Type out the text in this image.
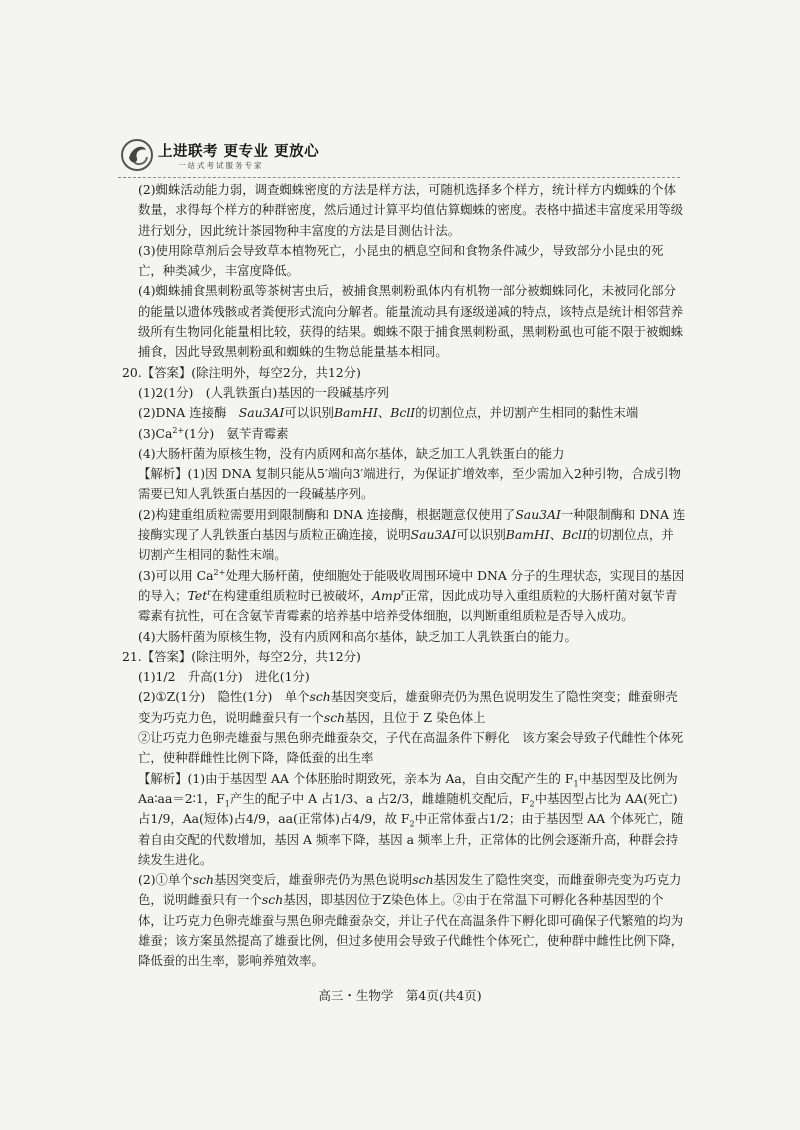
上进联考 更专业 更放心
一站式考试服务专家

(2)蜘蛛活动能力弱，调查蜘蛛密度的方法是样方法，可随机选择多个样方，统计样方内蜘蛛的个体数量，求得每个样方的种群密度，然后通过计算平均值估算蜘蛛的密度。表格中描述丰富度采用等级进行划分，因此统计茶园物种丰富度的方法是目测估计法。

(3)使用除草剂后会导致草本植物死亡，小昆虫的栖息空间和食物条件减少，导致部分小昆虫的死亡，种类减少，丰富度降低。

(4)蜘蛛捕食黑刺粉虱等茶树害虫后，被捕食黑刺粉虱体内有机物一部分被蜘蛛同化，未被同化部分的能量以遗体残骸或者粪便形式流向分解者。能量流动具有逐级递减的特点，该特点是统计相邻营养级所有生物同化能量相比较，获得的结果。蜘蛛不限于捕食黑刺粉虱，黑刺粉虱也可能不限于被蜘蛛捕食，因此导致黑刺粉虱和蜘蛛的生物总能量基本相同。

20.【答案】(除注明外，每空2分，共12分)

(1)2(1分)　(人乳铁蛋白)基因的一段碱基序列

(2)DNA 连接酶　Sau3AⅠ可以识别BamHⅠ、BclⅠ的切割位点，并切割产生相同的黏性末端

$(3)Ca^{2+}(1$分)　氨苄青霉素

(4)大肠杆菌为原核生物，没有内质网和高尔基体，缺乏加工人乳铁蛋白的能力

【解析】(1)因 DNA 复制只能从5′端向3′端进行，为保证扩增效率，至少需加入2种引物，合成引物需要已知人乳铁蛋白基因的一段碱基序列。

(2)构建重组质粒需要用到限制酶和 DNA 连接酶，根据题意仅使用了Sau3AⅠ一种限制酶和 DNA 连接酶实现了人乳铁蛋白基因与质粒正确连接，说明Sau3AⅠ可以识别BamHⅠ、BclⅠ的切割位点，并切割产生相同的黏性末端。

(3)可以用 $Ca^{2+}$处理大肠杆菌，使细胞处于能吸收周围环境中 DNA 分子的生理状态，实现目的基因的导入；Tet$^r$在构建重组质粒时已被破坏，Amp$^r$正常，因此成功导入重组质粒的大肠杆菌对氨苄青霉素有抗性，可在含氨苄青霉素的培养基中培养受体细胞，以判断重组质粒是否导入成功。

(4)大肠杆菌为原核生物，没有内质网和高尔基体，缺乏加工人乳铁蛋白的能力。

21.【答案】(除注明外，每空2分，共12分)

(1)1/2　升高(1分)　进化(1分)

(2)①Z(1分)　隐性(1分)　单个sch基因突变后，雄蚕卵壳仍为黑色说明发生了隐性突变；雌蚕卵壳变为巧克力色，说明雌蚕只有一个sch基因，且位于 Z 染色体上

②让巧克力色卵壳雄蚕与黑色卵壳雌蚕杂交，子代在高温条件下孵化　该方案会导致子代雌性个体死亡，使种群雌性比例下降，降低蚕的出生率

【解析】(1)由于基因型 AA 个体胚胎时期致死，亲本为 Aa，自由交配产生的 $F_1$中基因型及比例为 Aa∶aa＝2∶1，$F_1$产生的配子中 A 占1/3、a 占2/3，雌雄随机交配后，$F_2$中基因型占比为 AA(死亡)占1/9，Aa(短体)占4/9，aa(正常体)占4/9，故 $F_2$中正常体蚕占1/2；由于基因型 AA 个体死亡，随着自由交配的代数增加，基因 A 频率下降，基因 a 频率上升，正常体的比例会逐渐升高，种群会持续发生进化。

(2)①单个sch基因突变后，雄蚕卵壳仍为黑色说明sch基因发生了隐性突变，而雌蚕卵壳变为巧克力色，说明雌蚕只有一个sch基因，即基因位于Z染色体上。②由于在常温下可孵化各种基因型的个体，让巧克力色卵壳雄蚕与黑色卵壳雌蚕杂交，并让子代在高温条件下孵化即可确保子代繁殖的均为雄蚕；该方案虽然提高了雄蚕比例，但过多使用会导致子代雌性个体死亡，使种群中雌性比例下降，降低蚕的出生率，影响养殖效率。

高三・生物学　第4页(共4页)
